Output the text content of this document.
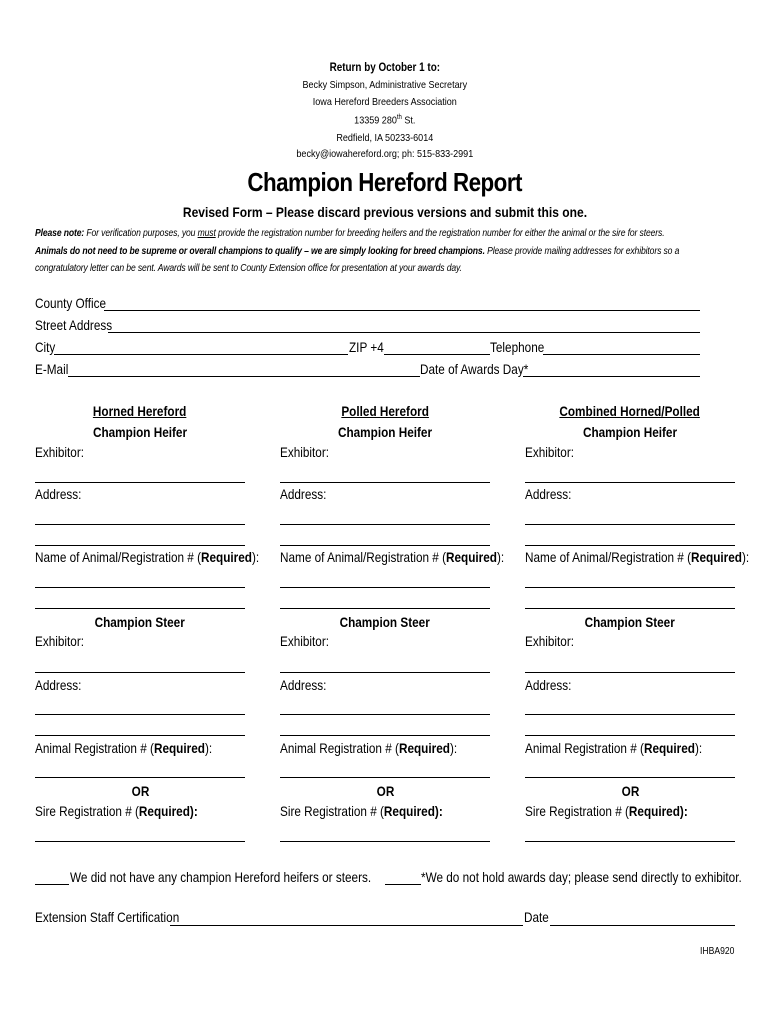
Return by October 1 to:
Becky Simpson, Administrative Secretary
Iowa Hereford Breeders Association
13359 280th St.
Redfield, IA 50233-6014
becky@iowahereford.org; ph: 515-833-2991
Champion Hereford Report
Revised Form – Please discard previous versions and submit this one.
Please note: For verification purposes, you must provide the registration number for breeding heifers and the registration number for either the animal or the sire for steers.
Animals do not need to be supreme or overall champions to qualify – we are simply looking for breed champions. Please provide mailing addresses for exhibitors so a
congratulatory letter can be sent. Awards will be sent to County Extension office for presentation at your awards day.
County Office
Street Address
City	ZIP +4	Telephone
E-Mail	Date of Awards Day*
Horned Hereford
Champion Heifer
Exhibitor:
Address:
Name of Animal/Registration # (Required):
Champion Steer
Exhibitor:
Address:
Animal Registration # (Required):
OR
Sire Registration # (Required):
Polled Hereford
Champion Heifer
Exhibitor:
Address:
Name of Animal/Registration # (Required):
Champion Steer
Exhibitor:
Address:
Animal Registration # (Required):
OR
Sire Registration # (Required):
Combined Horned/Polled
Champion Heifer
Exhibitor:
Address:
Name of Animal/Registration # (Required):
Champion Steer
Exhibitor:
Address:
Animal Registration # (Required):
OR
Sire Registration # (Required):
We did not have any champion Hereford heifers or steers.	*We do not hold awards day; please send directly to exhibitor.
Extension Staff Certification	Date
IHBA920
